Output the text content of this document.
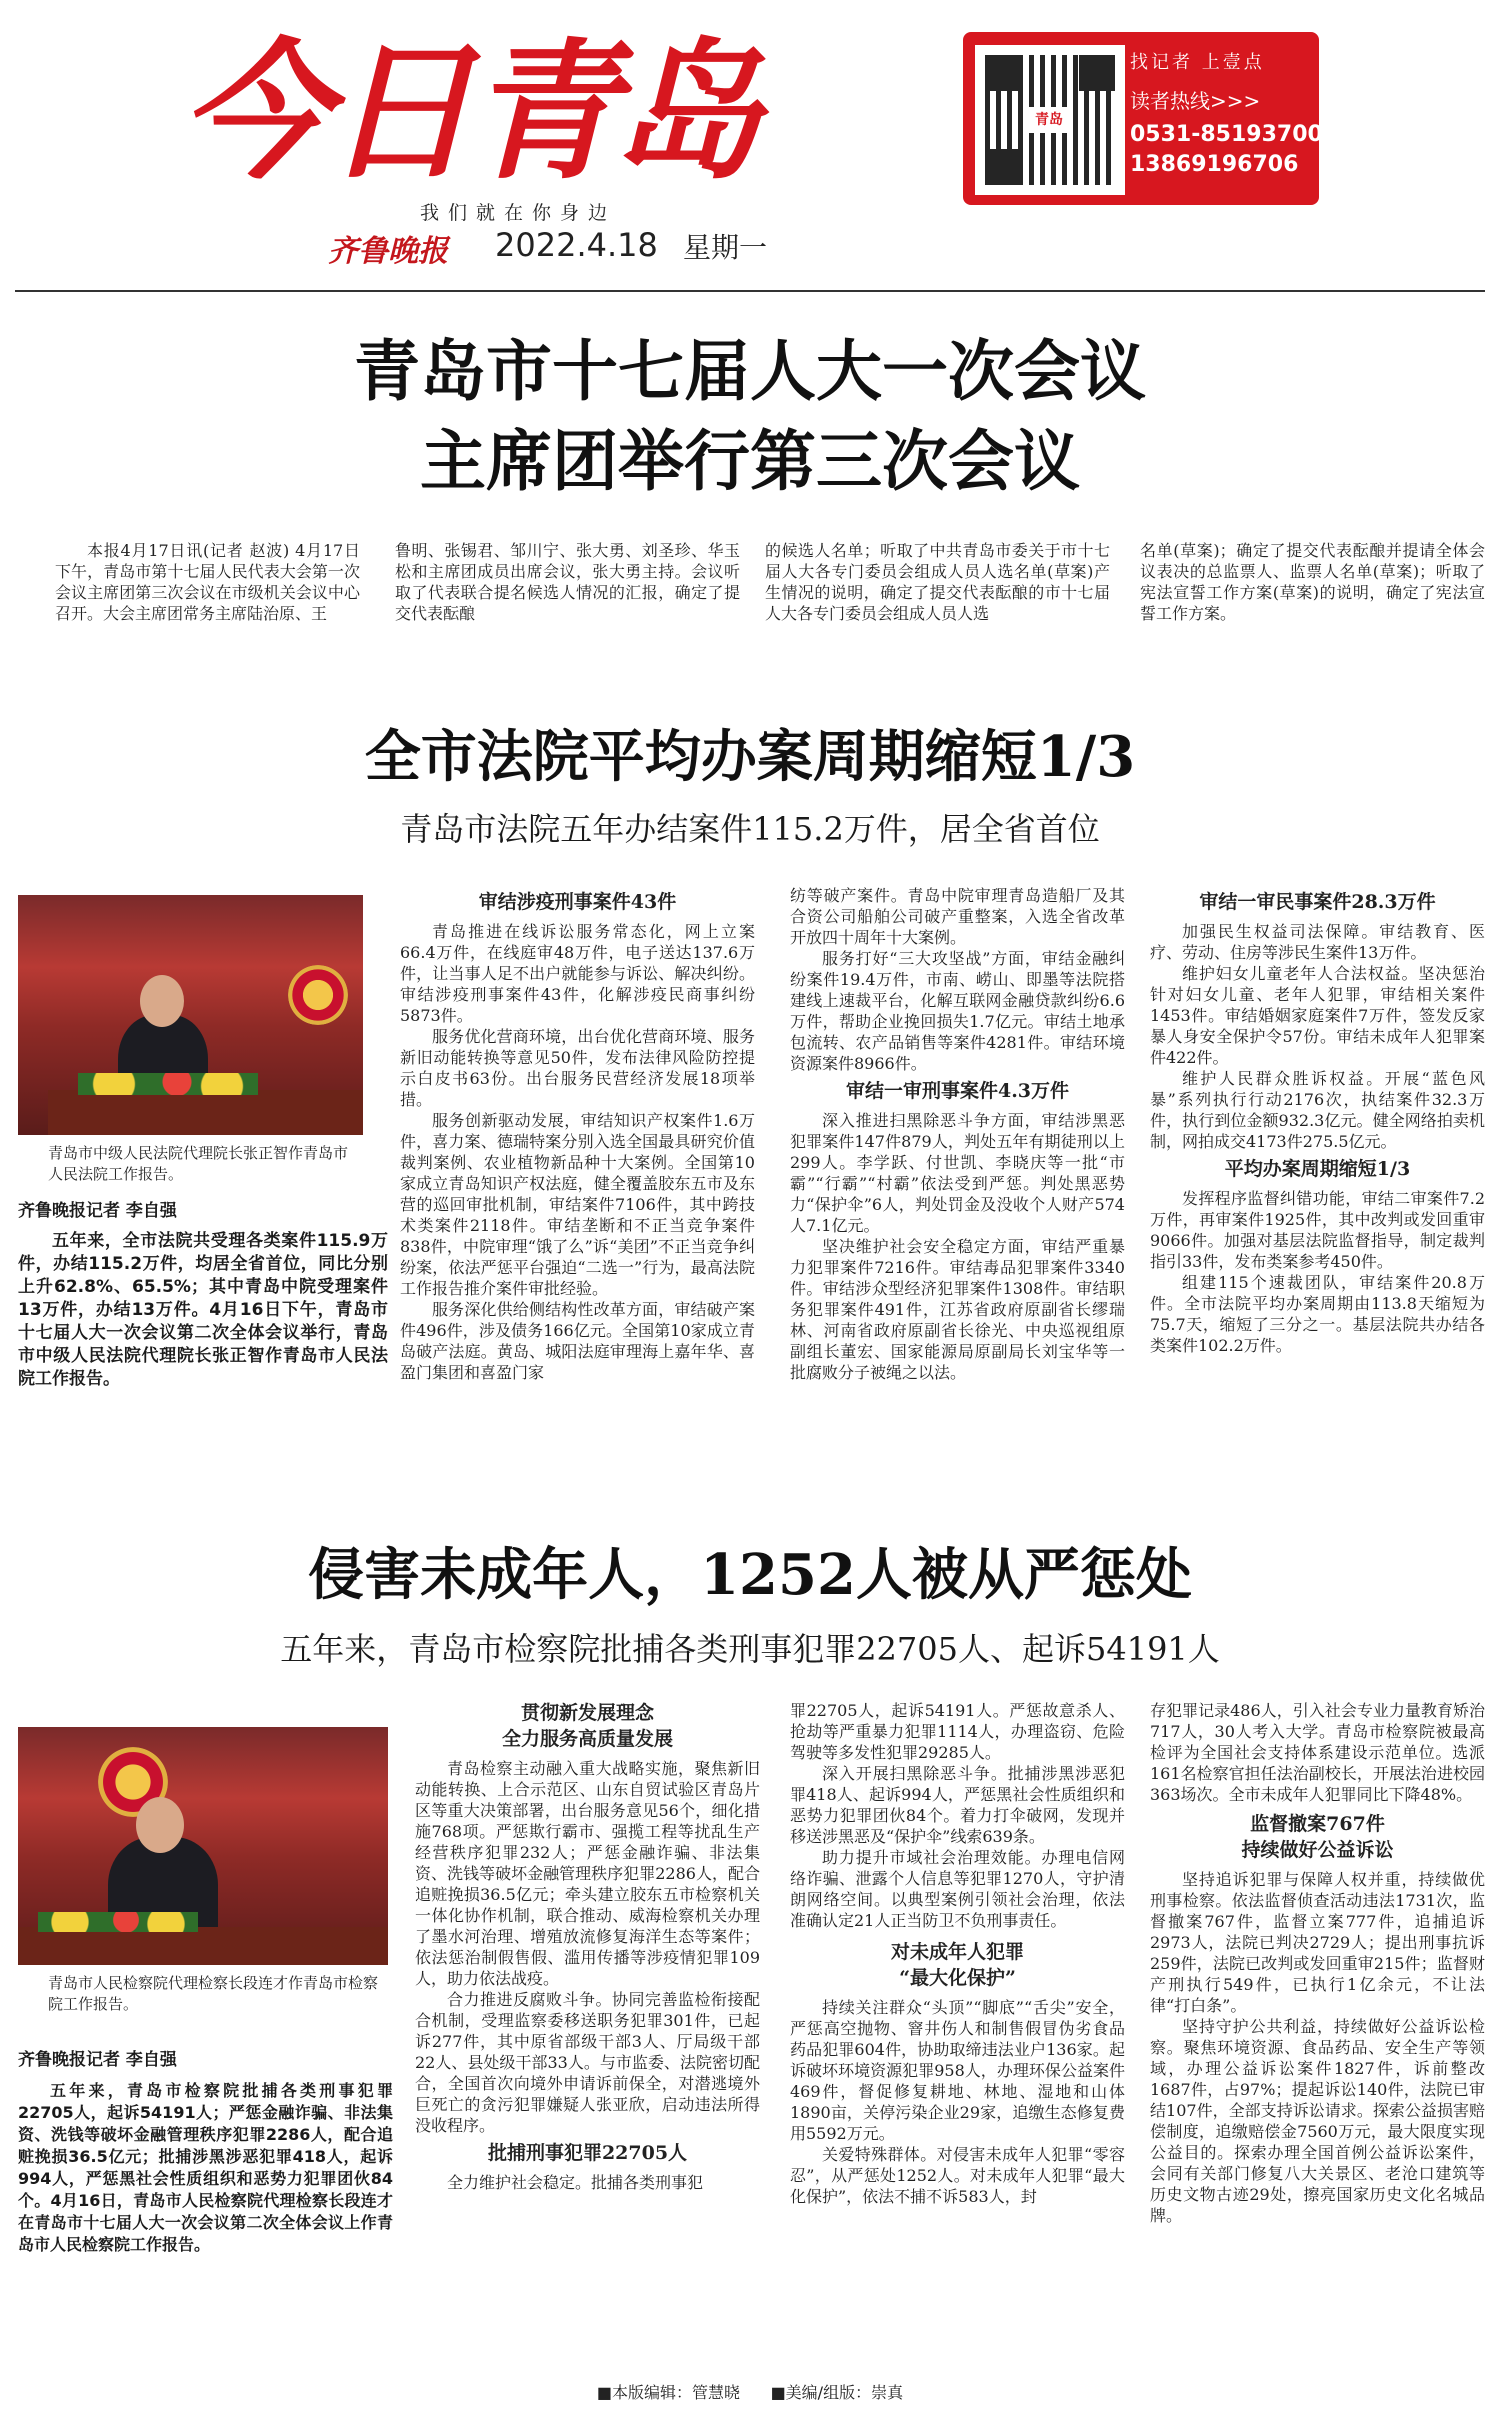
今日青岛
我们就在你身边
齐鲁晚报 2022.4.18 星期一
青岛
找记者 上壹点
读者热线>>>
0531-85193700
13869196706
青岛市十七届人大一次会议
主席团举行第三次会议

本报4月17日讯(记者 赵波) 4月17日下午，青岛市第十七届人民代表大会第一次会议主席团第三次会议在市级机关会议中心召开。大会主席团常务主席陆治原、王

鲁明、张锡君、邹川宁、张大勇、刘圣珍、华玉松和主席团成员出席会议，张大勇主持。会议听取了代表联合提名候选人情况的汇报，确定了提交代表酝酿

的候选人名单；听取了中共青岛市委关于市十七届人大各专门委员会组成人员人选名单(草案)产生情况的说明，确定了提交代表酝酿的市十七届人大各专门委员会组成人员人选

名单(草案)；确定了提交代表酝酿并提请全体会议表决的总监票人、监票人名单(草案)；听取了宪法宣誓工作方案(草案)的说明，确定了宪法宣誓工作方案。

全市法院平均办案周期缩短1/3
青岛市法院五年办结案件115.2万件，居全省首位
青岛市中级人民法院代理院长张正智作青岛市人民法院工作报告。
齐鲁晚报记者 李自强

五年来，全市法院共受理各类案件115.9万件，办结115.2万件，均居全省首位，同比分别上升62.8%、65.5%；其中青岛中院受理案件13万件，办结13万件。4月16日下午，青岛市十七届人大一次会议第二次全体会议举行，青岛市中级人民法院代理院长张正智作青岛市人民法院工作报告。

审结涉疫刑事案件43件

青岛推进在线诉讼服务常态化，网上立案66.4万件，在线庭审48万件，电子送达137.6万件，让当事人足不出户就能参与诉讼、解决纠纷。审结涉疫刑事案件43件，化解涉疫民商事纠纷5873件。

服务优化营商环境，出台优化营商环境、服务新旧动能转换等意见50件，发布法律风险防控提示白皮书63份。出台服务民营经济发展18项举措。

服务创新驱动发展，审结知识产权案件1.6万件，喜力案、德瑞特案分别入选全国最具研究价值裁判案例、农业植物新品种十大案例。全国第10家成立青岛知识产权法庭，健全覆盖胶东五市及东营的巡回审批机制，审结案件7106件，其中跨技术类案件2118件。审结垄断和不正当竞争案件838件，中院审理“饿了么”诉“美团”不正当竞争纠纷案，依法严惩平台强迫“二选一”行为，最高法院工作报告推介案件审批经验。

服务深化供给侧结构性改革方面，审结破产案件496件，涉及债务166亿元。全国第10家成立青岛破产法庭。黄岛、城阳法庭审理海上嘉年华、喜盈门集团和喜盈门家

纺等破产案件。青岛中院审理青岛造船厂及其合资公司船舶公司破产重整案，入选全省改革开放四十周年十大案例。

服务打好“三大攻坚战”方面，审结金融纠纷案件19.4万件，市南、崂山、即墨等法院搭建线上速裁平台，化解互联网金融贷款纠纷6.6万件，帮助企业挽回损失1.7亿元。审结土地承包流转、农产品销售等案件4281件。审结环境资源案件8966件。

审结一审刑事案件4.3万件

深入推进扫黑除恶斗争方面，审结涉黑恶犯罪案件147件879人，判处五年有期徒刑以上299人。李学跃、付世凯、李晓庆等一批“市霸”“行霸”“村霸”依法受到严惩。判处黑恶势力“保护伞”6人，判处罚金及没收个人财产574人7.1亿元。

坚决维护社会安全稳定方面，审结严重暴力犯罪案件7216件。审结毒品犯罪案件3340件。审结涉众型经济犯罪案件1308件。审结职务犯罪案件491件，江苏省政府原副省长缪瑞林、河南省政府原副省长徐光、中央巡视组原副组长董宏、国家能源局原副局长刘宝华等一批腐败分子被绳之以法。

审结一审民事案件28.3万件

加强民生权益司法保障。审结教育、医疗、劳动、住房等涉民生案件13万件。

维护妇女儿童老年人合法权益。坚决惩治针对妇女儿童、老年人犯罪，审结相关案件1453件。审结婚姻家庭案件7万件，签发反家暴人身安全保护令57份。审结未成年人犯罪案件422件。

维护人民群众胜诉权益。开展“蓝色风暴”系列执行行动2176次，执结案件32.3万件，执行到位金额932.3亿元。健全网络拍卖机制，网拍成交4173件275.5亿元。

平均办案周期缩短1/3

发挥程序监督纠错功能，审结二审案件7.2万件，再审案件1925件，其中改判或发回重审9066件。加强对基层法院监督指导，制定裁判指引33件，发布类案参考450件。

组建115个速裁团队，审结案件20.8万件。全市法院平均办案周期由113.8天缩短为75.7天，缩短了三分之一。基层法院共办结各类案件102.2万件。

侵害未成年人，1252人被从严惩处
五年来，青岛市检察院批捕各类刑事犯罪22705人、起诉54191人
青岛市人民检察院代理检察长段连才作青岛市检察院工作报告。
齐鲁晚报记者 李自强

五年来，青岛市检察院批捕各类刑事犯罪22705人，起诉54191人；严惩金融诈骗、非法集资、洗钱等破坏金融管理秩序犯罪2286人，配合追赃挽损36.5亿元；批捕涉黑涉恶犯罪418人，起诉994人，严惩黑社会性质组织和恶势力犯罪团伙84个。4月16日，青岛市人民检察院代理检察长段连才在青岛市十七届人大一次会议第二次全体会议上作青岛市人民检察院工作报告。

贯彻新发展理念
全力服务高质量发展

青岛检察主动融入重大战略实施，聚焦新旧动能转换、上合示范区、山东自贸试验区青岛片区等重大决策部署，出台服务意见56个，细化措施768项。严惩欺行霸市、强揽工程等扰乱生产经营秩序犯罪232人；严惩金融诈骗、非法集资、洗钱等破坏金融管理秩序犯罪2286人，配合追赃挽损36.5亿元；牵头建立胶东五市检察机关一体化协作机制，联合推动、威海检察机关办理了墨水河治理、增殖放流修复海洋生态等案件；依法惩治制假售假、滥用传播等涉疫情犯罪109人，助力依法战疫。

合力推进反腐败斗争。协同完善监检衔接配合机制，受理监察委移送职务犯罪301件，已起诉277件，其中原省部级干部3人、厅局级干部22人、县处级干部33人。与市监委、法院密切配合，全国首次向境外申请诉前保全，对潜逃境外巨死亡的贪污犯罪嫌疑人张亚欣，启动违法所得没收程序。

批捕刑事犯罪22705人

全力维护社会稳定。批捕各类刑事犯

罪22705人，起诉54191人。严惩故意杀人、抢劫等严重暴力犯罪1114人，办理盗窃、危险驾驶等多发性犯罪29285人。

深入开展扫黑除恶斗争。批捕涉黑涉恶犯罪418人、起诉994人，严惩黑社会性质组织和恶势力犯罪团伙84个。着力打伞破网，发现并移送涉黑恶及“保护伞”线索639条。

助力提升市域社会治理效能。办理电信网络诈骗、泄露个人信息等犯罪1270人，守护清朗网络空间。以典型案例引领社会治理，依法准确认定21人正当防卫不负刑事责任。

对未成年人犯罪
“最大化保护”

持续关注群众“头顶”“脚底”“舌尖”安全，严惩高空抛物、窨井伤人和制售假冒伪劣食品药品犯罪604件，协助取缔违法业户136家。起诉破坏环境资源犯罪958人，办理环保公益案件469件，督促修复耕地、林地、湿地和山体1890亩，关停污染企业29家，追缴生态修复费用5592万元。

关爱特殊群体。对侵害未成年人犯罪“零容忍”，从严惩处1252人。对未成年人犯罪“最大化保护”，依法不捕不诉583人，封

存犯罪记录486人，引入社会专业力量教育矫治717人，30人考入大学。青岛市检察院被最高检评为全国社会支持体系建设示范单位。选派161名检察官担任法治副校长，开展法治进校园363场次。全市未成年人犯罪同比下降48%。

监督撤案767件
持续做好公益诉讼

坚持追诉犯罪与保障人权并重，持续做优刑事检察。依法监督侦查活动违法1731次，监督撤案767件，监督立案777件，追捕追诉2973人，法院已判决2729人；提出刑事抗诉259件，法院已改判或发回重审215件；监督财产刑执行549件，已执行1亿余元，不让法律“打白条”。

坚持守护公共利益，持续做好公益诉讼检察。聚焦环境资源、食品药品、安全生产等领域，办理公益诉讼案件1827件，诉前整改1687件，占97%；提起诉讼140件，法院已审结107件，全部支持诉讼请求。探索公益损害赔偿制度，追缴赔偿金7560万元，最大限度实现公益目的。探索办理全国首例公益诉讼案件，会同有关部门修复八大关景区、老沧口建筑等历史文物古迹29处，擦亮国家历史文化名城品牌。

■本版编辑：管慧晓 ■美编/组版：崇真
